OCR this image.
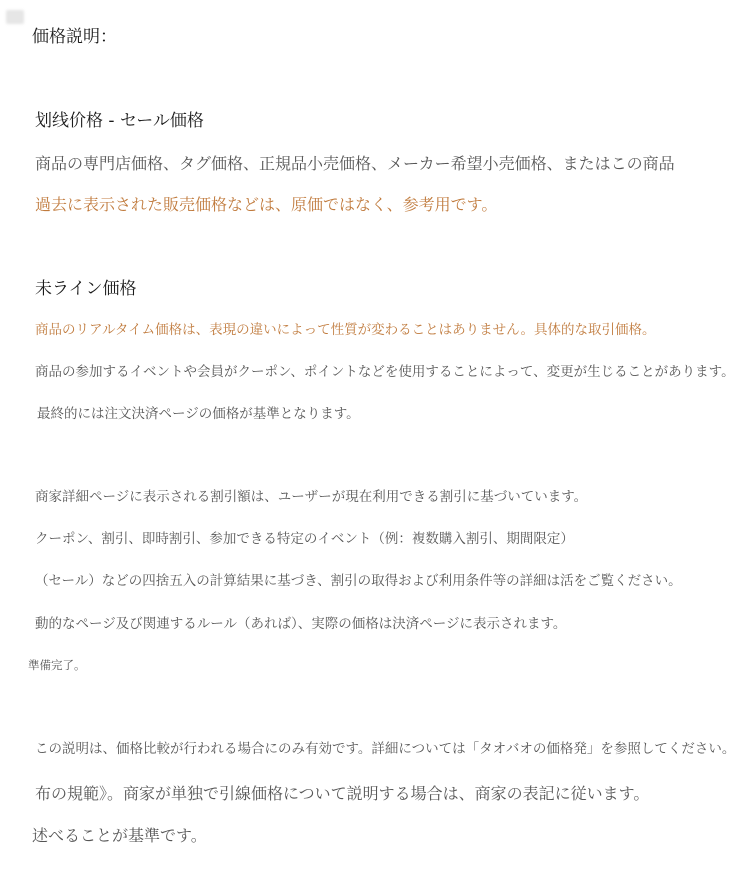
価格説明：
划线价格 - セール価格
商品の専門店価格、タグ価格、正規品小売価格、メーカー希望小売価格、またはこの商品
過去に表示された販売価格などは、原価ではなく、参考用です。
未ライン価格
商品のリアルタイム価格は、表現の違いによって性質が変わることはありません。具体的な取引価格。
商品の参加するイベントや会員がクーポン、ポイントなどを使用することによって、変更が生じることがあります。
最終的には注文決済ページの価格が基準となります。
商家詳細ページに表示される割引額は、ユーザーが現在利用できる割引に基づいています。
クーポン、割引、即時割引、参加できる特定のイベント（例：複数購入割引、期間限定）
（セール）などの四捨五入の計算結果に基づき、割引の取得および利用条件等の詳細は活をご覧ください。
動的なページ及び関連するルール（あれば）、実際の価格は決済ページに表示されます。
準備完了。
この説明は、価格比較が行われる場合にのみ有効です。詳細については「タオバオの価格発」を参照してください。
布の規範》。商家が単独で引線価格について説明する場合は、商家の表記に従います。
述べることが基準です。
